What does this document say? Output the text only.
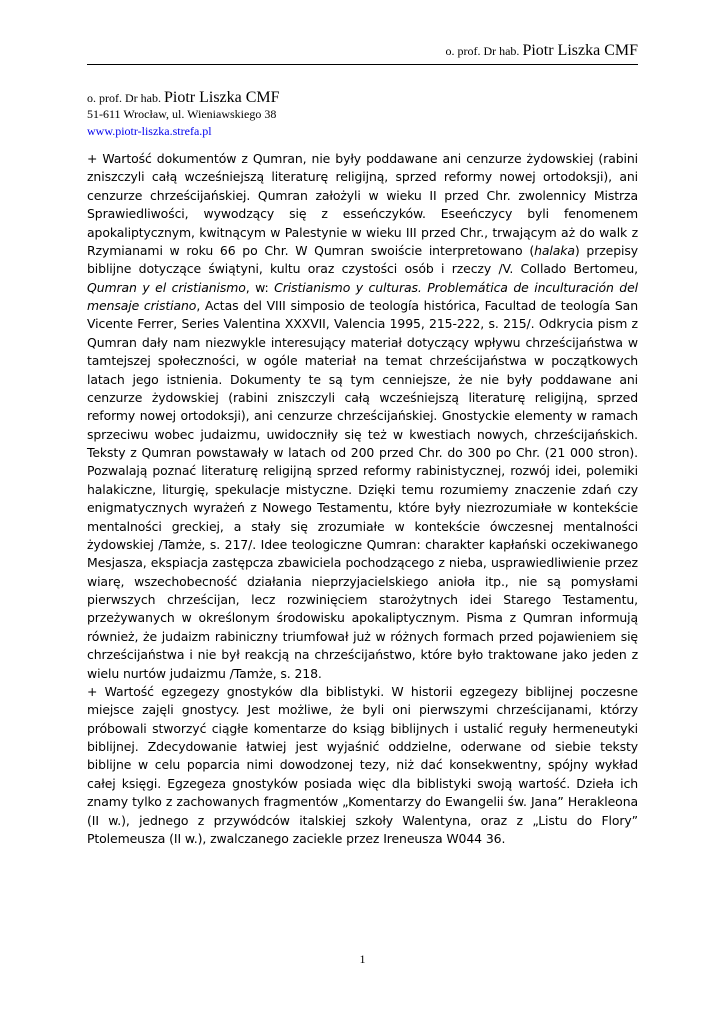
o. prof. Dr hab. Piotr Liszka CMF
o. prof. Dr hab. Piotr Liszka CMF
51-611 Wrocław, ul. Wieniawskiego 38
www.piotr-liszka.strefa.pl

+ Wartość dokumentów z Qumran, nie były poddawane ani cenzurze żydowskiej (rabini zniszczyli całą wcześniejszą literaturę religijną, sprzed reformy nowej ortodoksji), ani cenzurze chrześcijańskiej. Qumran założyli w wieku II przed Chr. zwolennicy Mistrza Sprawiedliwości, wywodzący się z esseńczyków. Eseeńczycy byli fenomenem apokaliptycznym, kwitnącym w Palestynie w wieku III przed Chr., trwającym aż do walk z Rzymianami w roku 66 po Chr. W Qumran swoiście interpretowano (halaka) przepisy biblijne dotyczące świątyni, kultu oraz czystości osób i rzeczy /V. Collado Bertomeu, Qumran y el cristianismo, w: Cristianismo y culturas. Problemática de inculturación del mensaje cristiano, Actas del VIII simposio de teología histórica, Facultad de teología San Vicente Ferrer, Series Valentina XXXVII, Valencia 1995, 215-222, s. 215/. Odkrycia pism z Qumran dały nam niezwykle interesujący materiał dotyczący wpływu chrześcijaństwa w tamtejszej społeczności, w ogóle materiał na temat chrześcijaństwa w początkowych latach jego istnienia. Dokumenty te są tym cenniejsze, że nie były poddawane ani cenzurze żydowskiej (rabini zniszczyli całą wcześniejszą literaturę religijną, sprzed reformy nowej ortodoksji), ani cenzurze chrześcijańskiej. Gnostyckie elementy w ramach sprzeciwu wobec judaizmu, uwidoczniły się też w kwestiach nowych, chrześcijańskich. Teksty z Qumran powstawały w latach od 200 przed Chr. do 300 po Chr. (21 000 stron). Pozwalają poznać literaturę religijną sprzed reformy rabinistycznej, rozwój idei, polemiki halakiczne, liturgię, spekulacje mistyczne. Dzięki temu rozumiemy znaczenie zdań czy enigmatycznych wyrażeń z Nowego Testamentu, które były niezrozumiałe w kontekście mentalności greckiej, a stały się zrozumiałe w kontekście ówczesnej mentalności żydowskiej /Tamże, s. 217/. Idee teologiczne Qumran: charakter kapłański oczekiwanego Mesjasza, ekspiacja zastępcza zbawiciela pochodzącego z nieba, usprawiedliwienie przez wiarę, wszechobecność działania nieprzyjacielskiego anioła itp., nie są pomysłami pierwszych chrześcijan, lecz rozwinięciem starożytnych idei Starego Testamentu, przeżywanych w określonym środowisku apokaliptycznym. Pisma z Qumran informują również, że judaizm rabiniczny triumfował już w różnych formach przed pojawieniem się chrześcijaństwa i nie był reakcją na chrześcijaństwo, które było traktowane jako jeden z wielu nurtów judaizmu /Tamże, s. 218.

+ Wartość egzegezy gnostyków dla biblistyki. W historii egzegezy biblijnej poczesne miejsce zajęli gnostycy. Jest możliwe, że byli oni pierwszymi chrześcijanami, którzy próbowali stworzyć ciągłe komentarze do ksiąg biblijnych i ustalić reguły hermeneutyki biblijnej. Zdecydowanie łatwiej jest wyjaśnić oddzielne, oderwane od siebie teksty biblijne w celu poparcia nimi dowodzonej tezy, niż dać konsekwentny, spójny wykład całej księgi. Egzegeza gnostyków posiada więc dla biblistyki swoją wartość. Dzieła ich znamy tylko z zachowanych fragmentów „Komentarzy do Ewangelii św. Jana” Herakleona (II w.), jednego z przywódców italskiej szkoły Walentyna, oraz z „Listu do Flory” Ptolemeusza (II w.), zwalczanego zaciekle przez Ireneusza W044 36.

1
